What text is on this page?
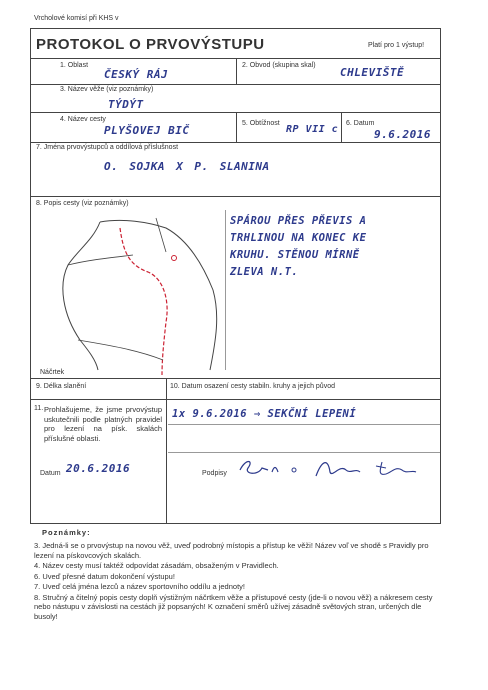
Vrcholové komisí při KHS v
PROTOKOL O PRVOVÝSTUPU	Platí pro 1 výstup!
1. Oblast
ČESKÝ RÁJ
2. Obvod (skupina skal)
CHLEVIŠTĚ
3. Název věže (viz poznámky)
TÝDÝT
4. Název cesty
PLYŠOVEJ BIČ
5. Obtížnost
RP VII c
6. Datum
9.6.2016
7. Jména prvovýstupců a oddílová příslušnost
O. SOJKA X P. SLANINA
8. Popis cesty (viz poznámky)
Náčrtek
SPÁROU PŘES PŘEVIS A
TRHLINOU NA KONEC KE
KRUHU. STĚNOU MÍRNĚ
ZLEVA N.T.
9. Délka slanění	10. Datum osazení cesty stabiln. kruhy a jejich původ
11. Prohlašujeme, že jsme prvovýstup uskutečnili podle platných pravidel pro lezení na písk. skalách příslušné oblasti.
1x 9.6.2016 ⇒ SEKČNÍ LEPENÍ
Datum 20.6.2016	Podpisy
Poznámky:
3. Jedná-li se o prvovýstup na novou věž, uveď podrobný místopis a přístup ke věži! Název voľ ve shodě s Pravidly pro lezení na pískovcových skalách.
4. Název cesty musí taktéž odpovídat zásadám, obsaženým v Pravidlech.
6. Uveď přesné datum dokončení výstupu!
7. Uveď celá jména lezců a název sportovního oddílu a jednoty!
8. Stručný a čitelný popis cesty doplň výstižným náčrtkem věže a přístupové cesty (jde-li o novou věž) a nákresem cesty nebo nástupu v závislosti na cestách již popsaných! K označení směrů užívej zásadně světových stran, určených dle busoly!
